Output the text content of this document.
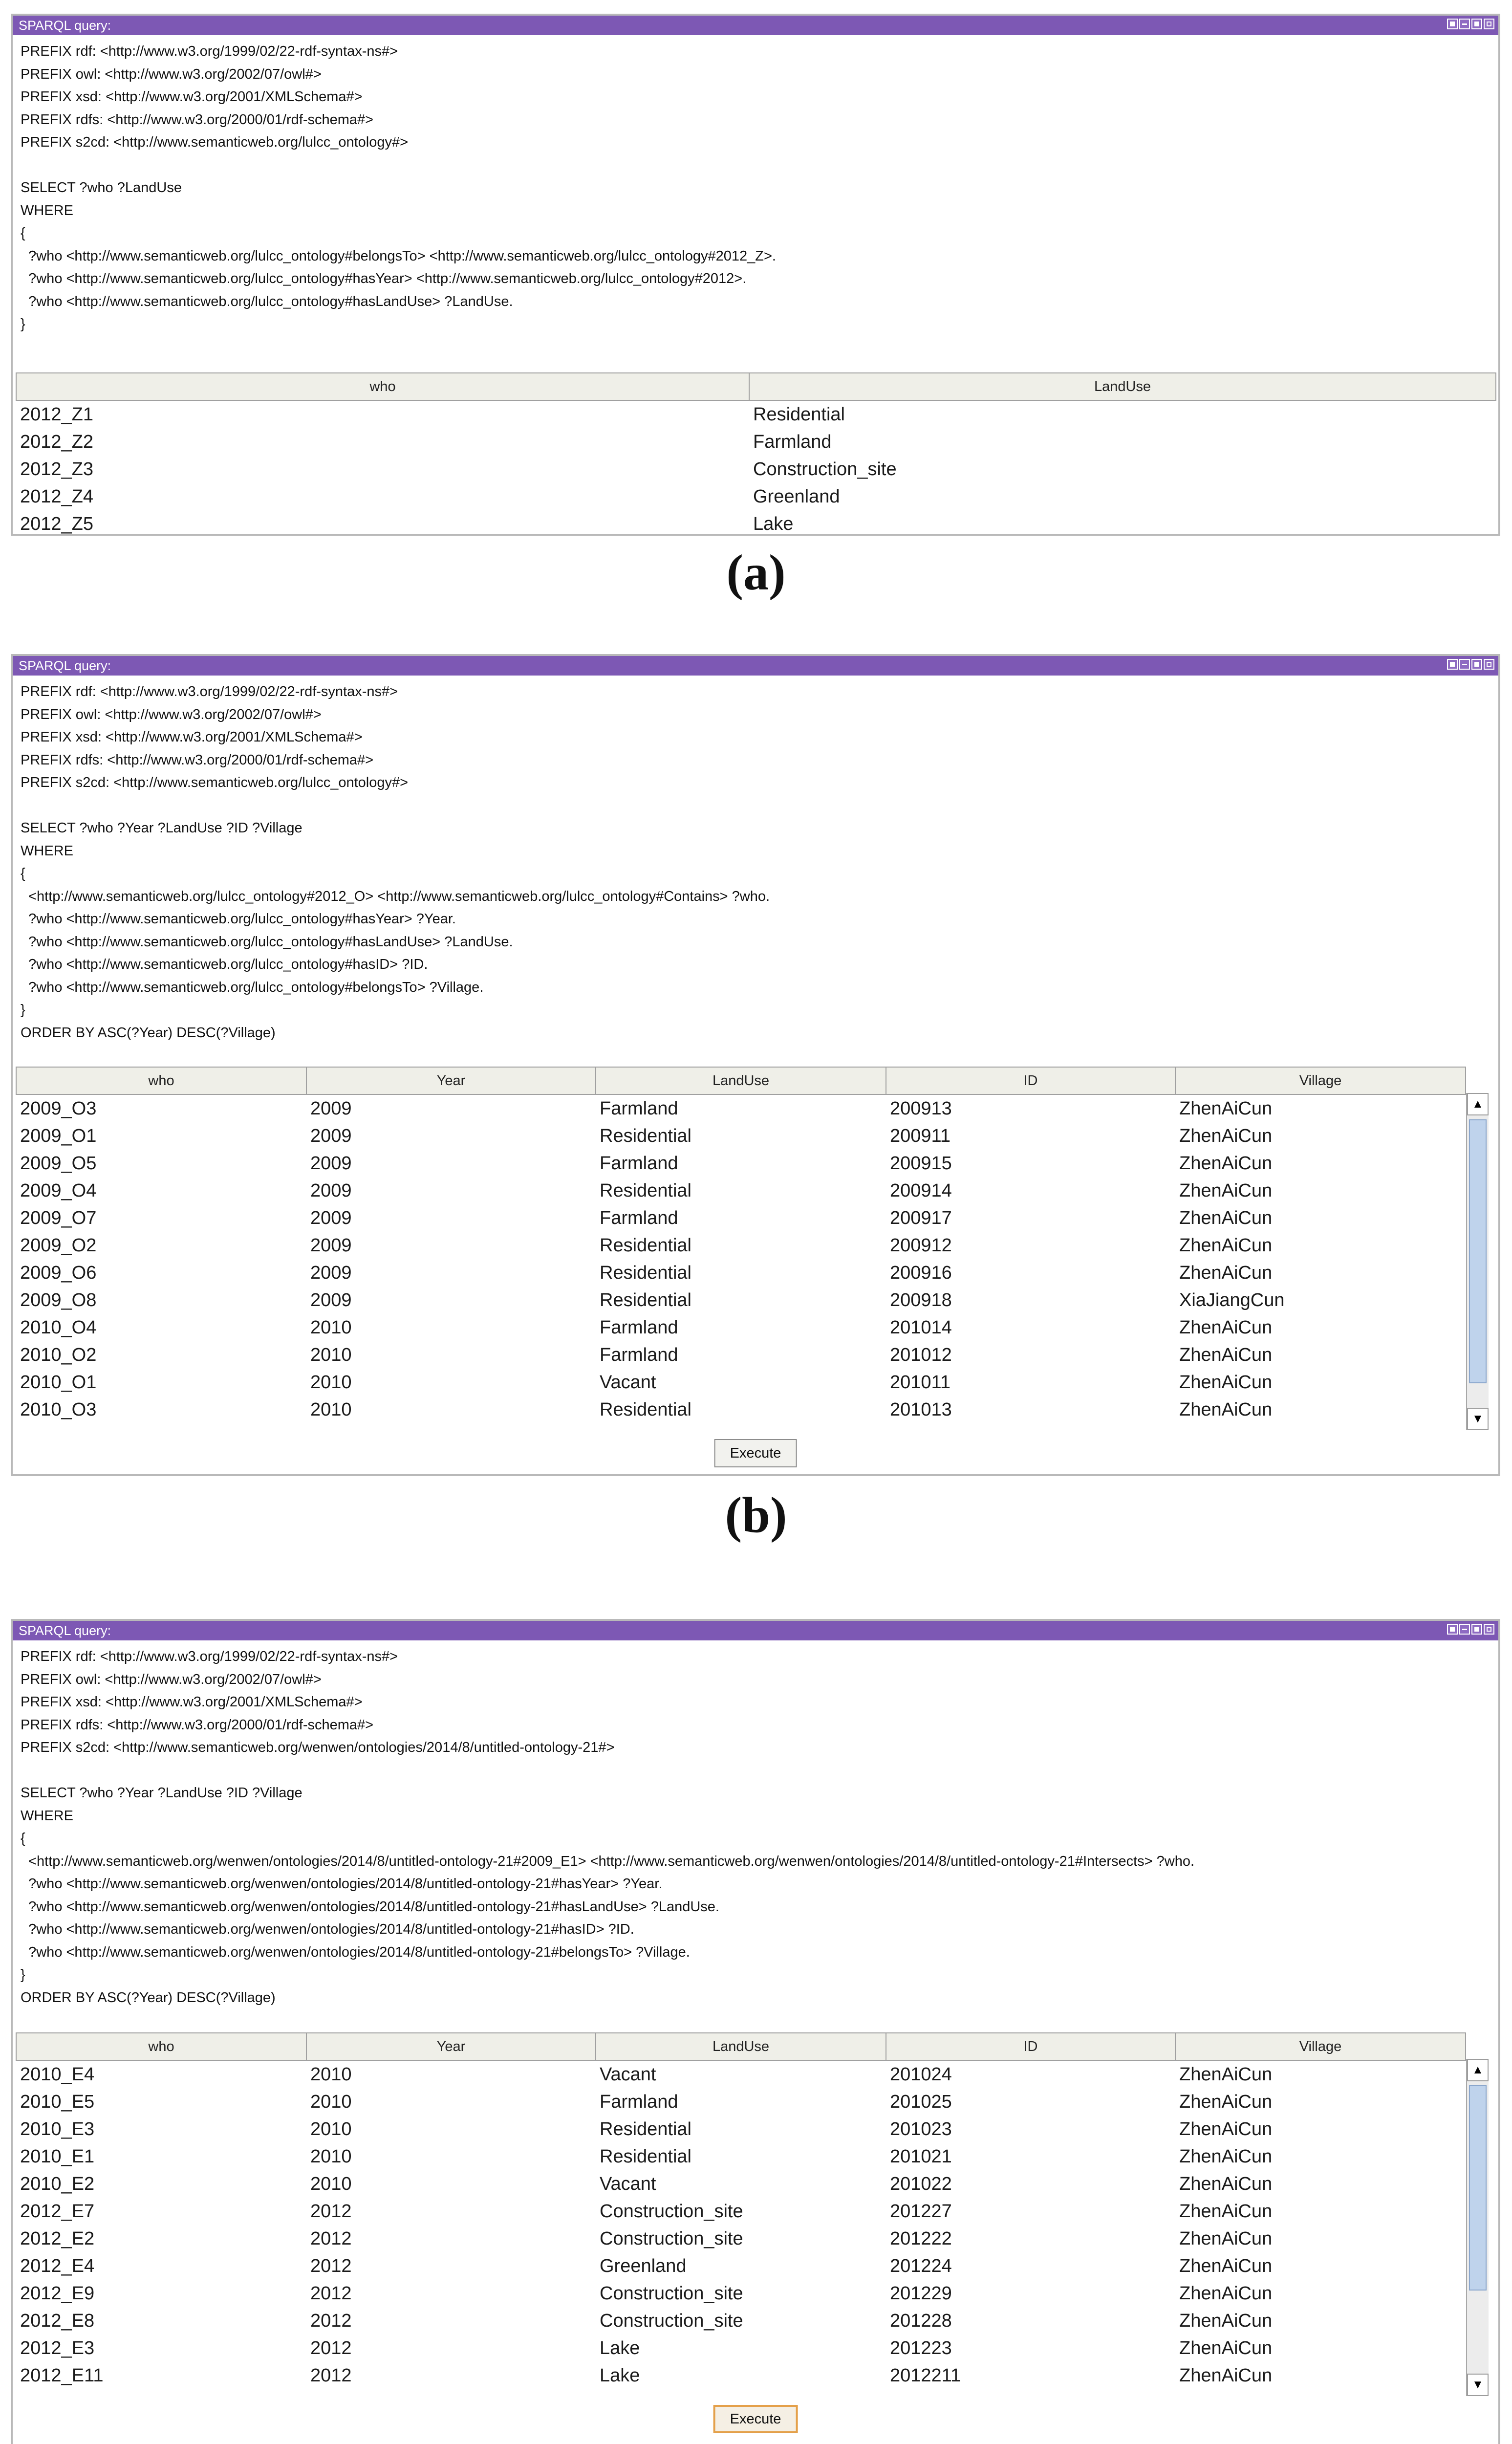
SPARQL query:
PREFIX rdf: <http://www.w3.org/1999/02/22-rdf-syntax-ns#>
PREFIX owl: <http://www.w3.org/2002/07/owl#>
PREFIX xsd: <http://www.w3.org/2001/XMLSchema#>
PREFIX rdfs: <http://www.w3.org/2000/01/rdf-schema#>
PREFIX s2cd: <http://www.semanticweb.org/lulcc_ontology#>

SELECT ?who ?LandUse
WHERE
{
?who <http://www.semanticweb.org/lulcc_ontology#belongsTo> <http://www.semanticweb.org/lulcc_ontology#2012_Z>.
?who <http://www.semanticweb.org/lulcc_ontology#hasYear> <http://www.semanticweb.org/lulcc_ontology#2012>.
?who <http://www.semanticweb.org/lulcc_ontology#hasLandUse> ?LandUse.
}
who	LandUse
2012_Z1	Residential
2012_Z2	Farmland
2012_Z3	Construction_site
2012_Z4	Greenland
2012_Z5	Lake
(a)
SPARQL query:
PREFIX rdf: <http://www.w3.org/1999/02/22-rdf-syntax-ns#>
PREFIX owl: <http://www.w3.org/2002/07/owl#>
PREFIX xsd: <http://www.w3.org/2001/XMLSchema#>
PREFIX rdfs: <http://www.w3.org/2000/01/rdf-schema#>
PREFIX s2cd: <http://www.semanticweb.org/lulcc_ontology#>

SELECT ?who ?Year ?LandUse ?ID ?Village
WHERE
{
<http://www.semanticweb.org/lulcc_ontology#2012_O> <http://www.semanticweb.org/lulcc_ontology#Contains> ?who.
?who <http://www.semanticweb.org/lulcc_ontology#hasYear> ?Year.
?who <http://www.semanticweb.org/lulcc_ontology#hasLandUse> ?LandUse.
?who <http://www.semanticweb.org/lulcc_ontology#hasID> ?ID.
?who <http://www.semanticweb.org/lulcc_ontology#belongsTo> ?Village.
}
ORDER BY ASC(?Year) DESC(?Village)
who	Year	LandUse	ID	Village
2009_O3	2009	Farmland	200913	ZhenAiCun
2009_O1	2009	Residential	200911	ZhenAiCun
2009_O5	2009	Farmland	200915	ZhenAiCun
2009_O4	2009	Residential	200914	ZhenAiCun
2009_O7	2009	Farmland	200917	ZhenAiCun
2009_O2	2009	Residential	200912	ZhenAiCun
2009_O6	2009	Residential	200916	ZhenAiCun
2009_O8	2009	Residential	200918	XiaJiangCun
2010_O4	2010	Farmland	201014	ZhenAiCun
2010_O2	2010	Farmland	201012	ZhenAiCun
2010_O1	2010	Vacant	201011	ZhenAiCun
2010_O3	2010	Residential	201013	ZhenAiCun
▲
▼
Execute
(b)
SPARQL query:
PREFIX rdf: <http://www.w3.org/1999/02/22-rdf-syntax-ns#>
PREFIX owl: <http://www.w3.org/2002/07/owl#>
PREFIX xsd: <http://www.w3.org/2001/XMLSchema#>
PREFIX rdfs: <http://www.w3.org/2000/01/rdf-schema#>
PREFIX s2cd: <http://www.semanticweb.org/wenwen/ontologies/2014/8/untitled-ontology-21#>

SELECT ?who ?Year ?LandUse ?ID ?Village
WHERE
{
<http://www.semanticweb.org/wenwen/ontologies/2014/8/untitled-ontology-21#2009_E1> <http://www.semanticweb.org/wenwen/ontologies/2014/8/untitled-ontology-21#Intersects> ?who.
?who <http://www.semanticweb.org/wenwen/ontologies/2014/8/untitled-ontology-21#hasYear> ?Year.
?who <http://www.semanticweb.org/wenwen/ontologies/2014/8/untitled-ontology-21#hasLandUse> ?LandUse.
?who <http://www.semanticweb.org/wenwen/ontologies/2014/8/untitled-ontology-21#hasID> ?ID.
?who <http://www.semanticweb.org/wenwen/ontologies/2014/8/untitled-ontology-21#belongsTo> ?Village.
}
ORDER BY ASC(?Year) DESC(?Village)
who	Year	LandUse	ID	Village
2010_E4	2010	Vacant	201024	ZhenAiCun
2010_E5	2010	Farmland	201025	ZhenAiCun
2010_E3	2010	Residential	201023	ZhenAiCun
2010_E1	2010	Residential	201021	ZhenAiCun
2010_E2	2010	Vacant	201022	ZhenAiCun
2012_E7	2012	Construction_site	201227	ZhenAiCun
2012_E2	2012	Construction_site	201222	ZhenAiCun
2012_E4	2012	Greenland	201224	ZhenAiCun
2012_E9	2012	Construction_site	201229	ZhenAiCun
2012_E8	2012	Construction_site	201228	ZhenAiCun
2012_E3	2012	Lake	201223	ZhenAiCun
2012_E11	2012	Lake	2012211	ZhenAiCun
▲
▼
Execute
